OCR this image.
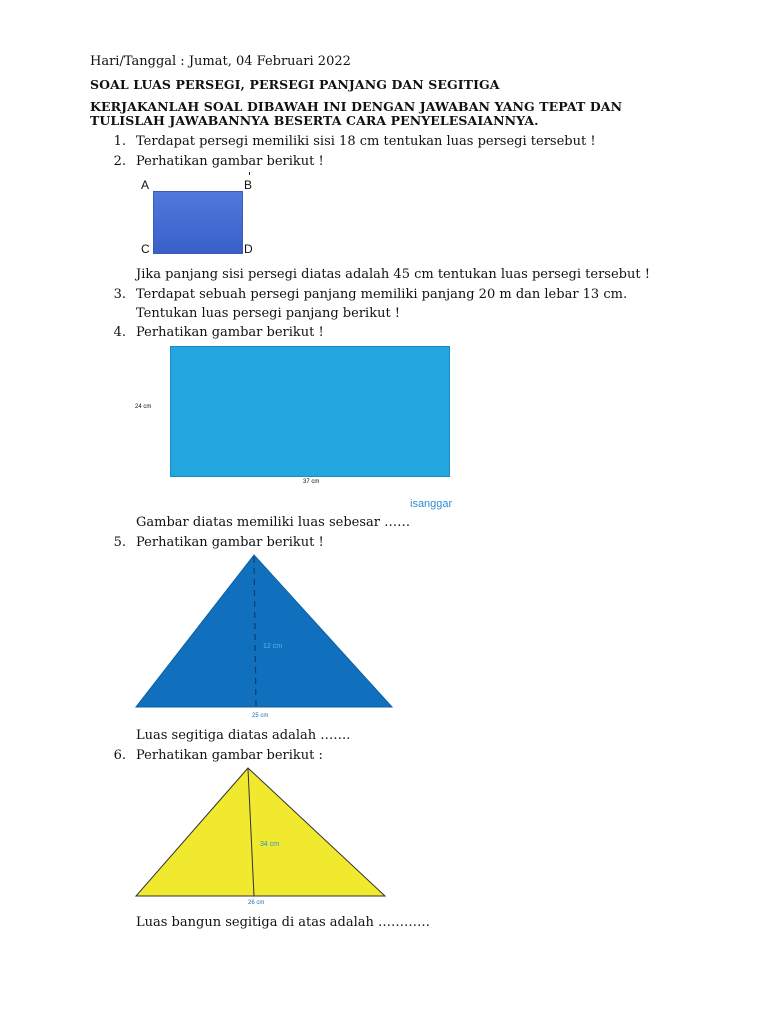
Hari/Tanggal : Jumat, 04 Februari 2022
SOAL LUAS PERSEGI, PERSEGI PANJANG DAN SEGITIGA
KERJAKANLAH SOAL DIBAWAH INI DENGAN JAWABAN YANG TEPAT DAN
TULISLAH JAWABANNYA BESERTA CARA PENYELESAIANNYA.
1. Terdapat persegi memiliki sisi 18 cm tentukan luas persegi tersebut !
2. Perhatikan gambar berikut !
A	B
C	D
Jika panjang sisi persegi diatas adalah 45 cm tentukan luas persegi tersebut !
3. Terdapat sebuah persegi panjang memiliki panjang 20 m dan lebar 13 cm.
Tentukan luas persegi panjang berikut !
4. Perhatikan gambar berikut !
24 cm
37 cm
isanggar
Gambar diatas memiliki luas sebesar ……
5. Perhatikan gambar berikut !
12 cm
25 cm
Luas segitiga diatas adalah …….
6. Perhatikan gambar berikut :
34 cm
26 cm
Luas bangun segitiga di atas adalah …………
